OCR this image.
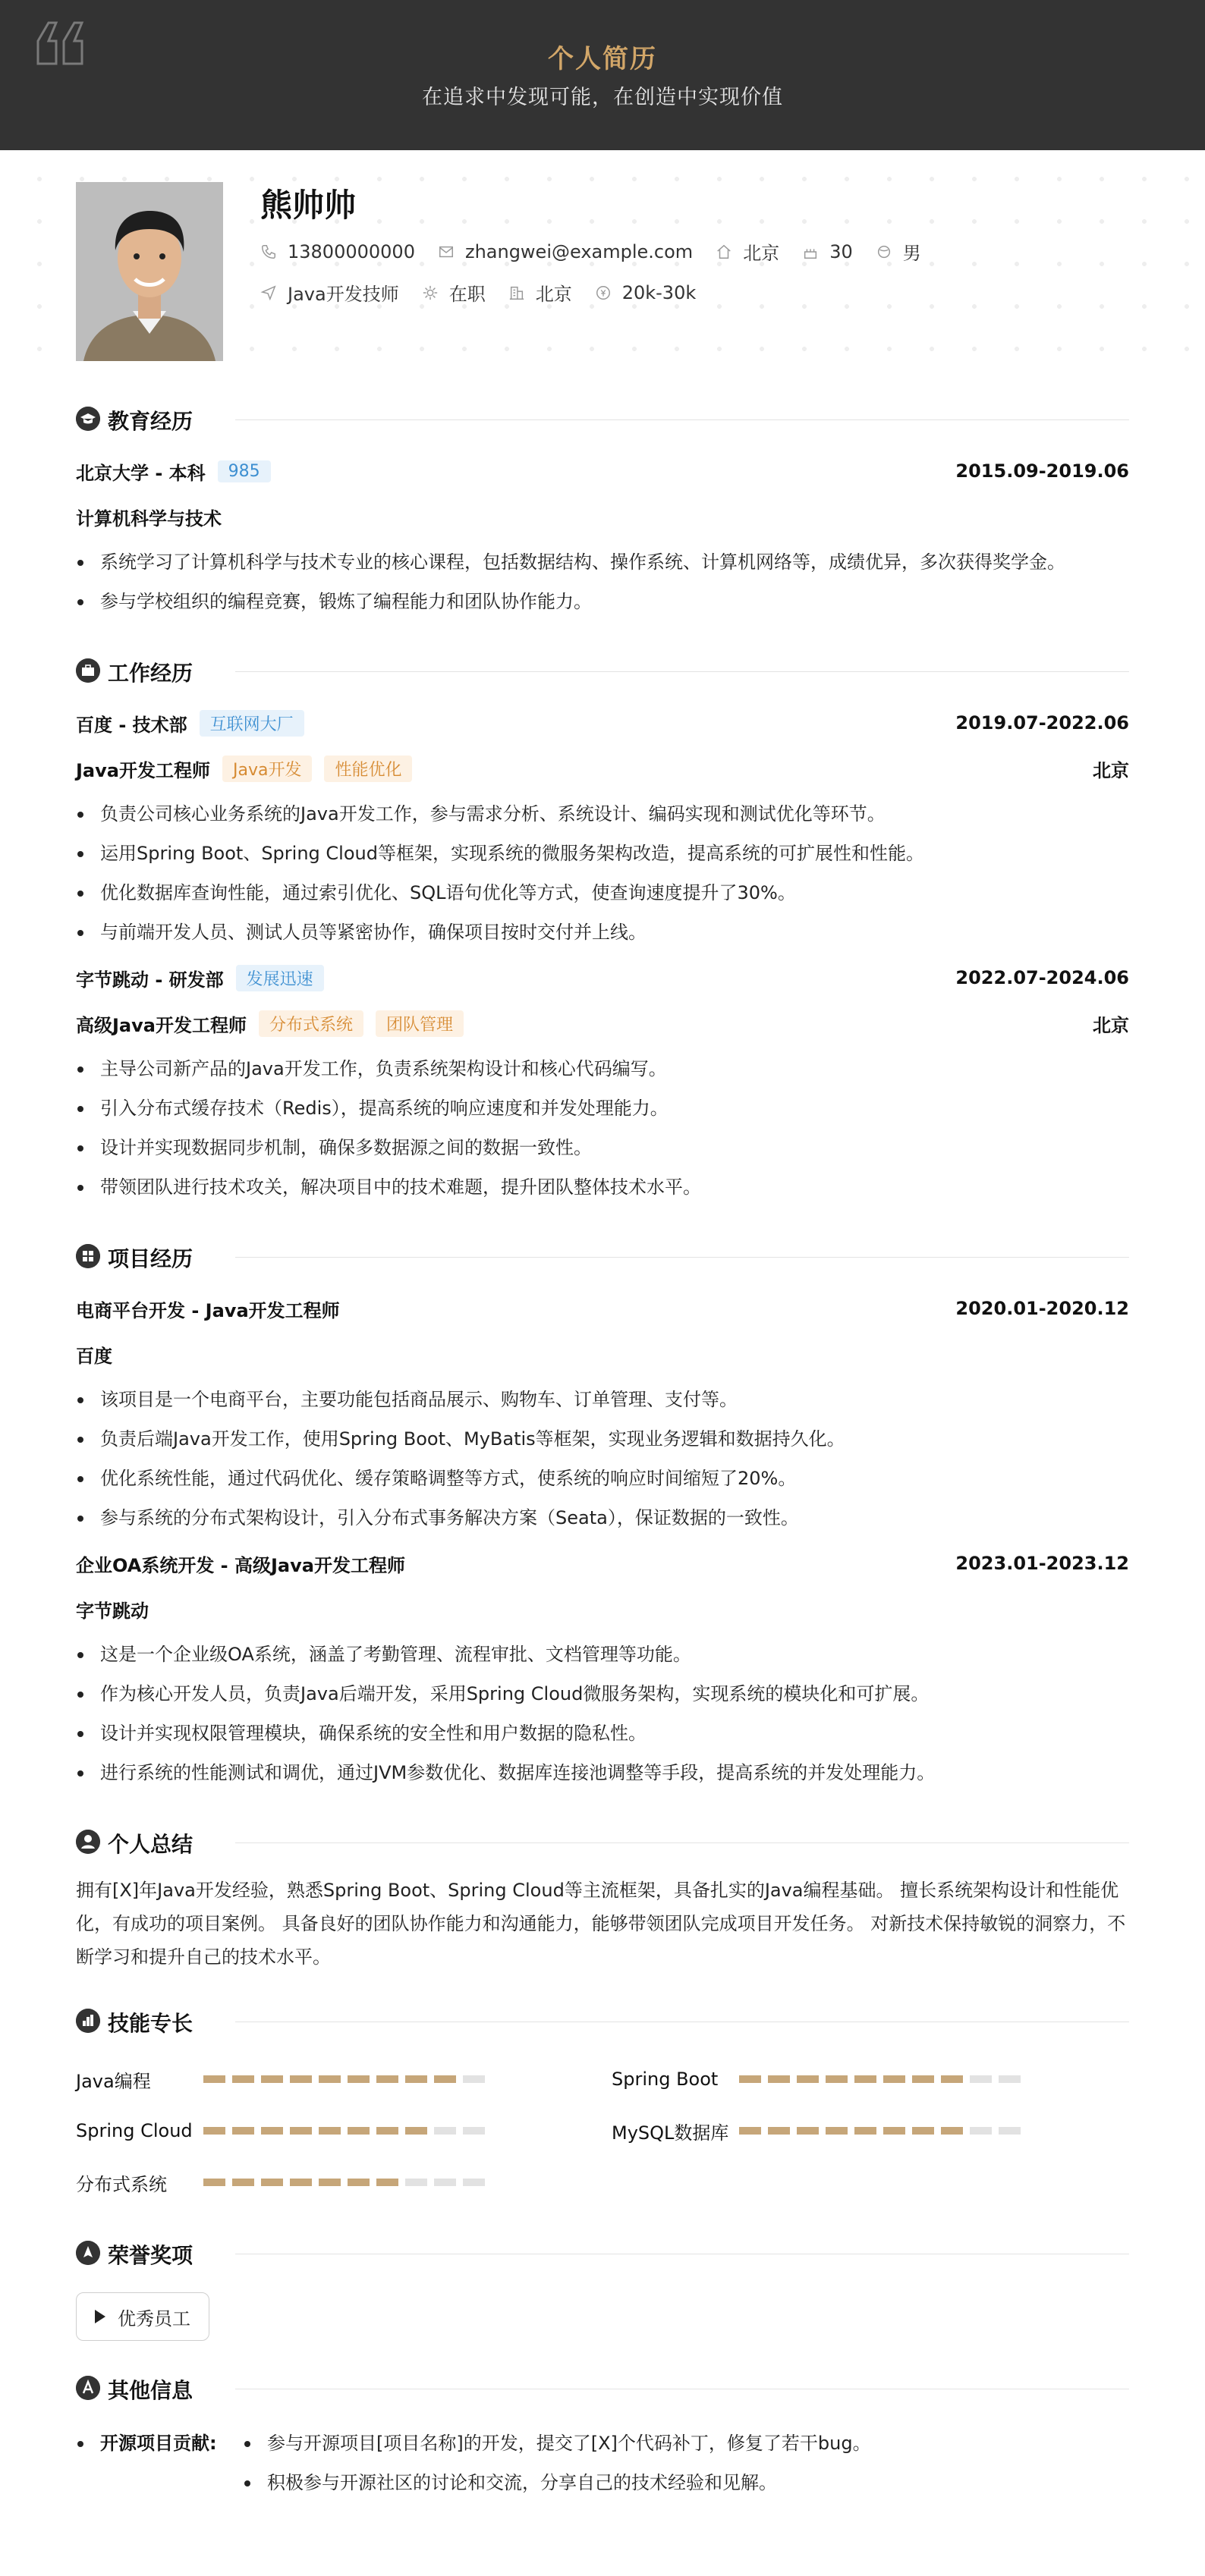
个人简历
在追求中发现可能，在创造中实现价值
熊帅帅
13800000000	zhangwei@example.com	北京	30	男
Java开发技师	在职	北京	20k-30k
教育经历
北京大学 - 本科	985	2015.09-2019.06
计算机科学与技术
系统学习了计算机科学与技术专业的核心课程，包括数据结构、操作系统、计算机网络等，成绩优异，多次获得奖学金。
参与学校组织的编程竞赛，锻炼了编程能力和团队协作能力。
工作经历
百度 - 技术部	互联网大厂	2019.07-2022.06
Java开发工程师	Java开发	性能优化	北京
负责公司核心业务系统的Java开发工作，参与需求分析、系统设计、编码实现和测试优化等环节。
运用Spring Boot、Spring Cloud等框架，实现系统的微服务架构改造，提高系统的可扩展性和性能。
优化数据库查询性能，通过索引优化、SQL语句优化等方式，使查询速度提升了30%。
与前端开发人员、测试人员等紧密协作，确保项目按时交付并上线。
字节跳动 - 研发部	发展迅速	2022.07-2024.06
高级Java开发工程师	分布式系统	团队管理	北京
主导公司新产品的Java开发工作，负责系统架构设计和核心代码编写。
引入分布式缓存技术（Redis），提高系统的响应速度和并发处理能力。
设计并实现数据同步机制，确保多数据源之间的数据一致性。
带领团队进行技术攻关，解决项目中的技术难题，提升团队整体技术水平。
项目经历
电商平台开发 - Java开发工程师	2020.01-2020.12
百度
该项目是一个电商平台，主要功能包括商品展示、购物车、订单管理、支付等。
负责后端Java开发工作，使用Spring Boot、MyBatis等框架，实现业务逻辑和数据持久化。
优化系统性能，通过代码优化、缓存策略调整等方式，使系统的响应时间缩短了20%。
参与系统的分布式架构设计，引入分布式事务解决方案（Seata），保证数据的一致性。
企业OA系统开发 - 高级Java开发工程师	2023.01-2023.12
字节跳动
这是一个企业级OA系统，涵盖了考勤管理、流程审批、文档管理等功能。
作为核心开发人员，负责Java后端开发，采用Spring Cloud微服务架构，实现系统的模块化和可扩展。
设计并实现权限管理模块，确保系统的安全性和用户数据的隐私性。
进行系统的性能测试和调优，通过JVM参数优化、数据库连接池调整等手段，提高系统的并发处理能力。
个人总结
拥有[X]年Java开发经验，熟悉Spring Boot、Spring Cloud等主流框架，具备扎实的Java编程基础。 擅长系统架构设计和性能优化，有成功的项目案例。 具备良好的团队协作能力和沟通能力，能够带领团队完成项目开发任务。 对新技术保持敏锐的洞察力，不断学习和提升自己的技术水平。
技能专长
Java编程	Spring Boot
Spring Cloud	MySQL数据库
分布式系统
荣誉奖项
优秀员工
其他信息
开源项目贡献:	参与开源项目[项目名称]的开发，提交了[X]个代码补丁，修复了若干bug。
积极参与开源社区的讨论和交流，分享自己的技术经验和见解。
